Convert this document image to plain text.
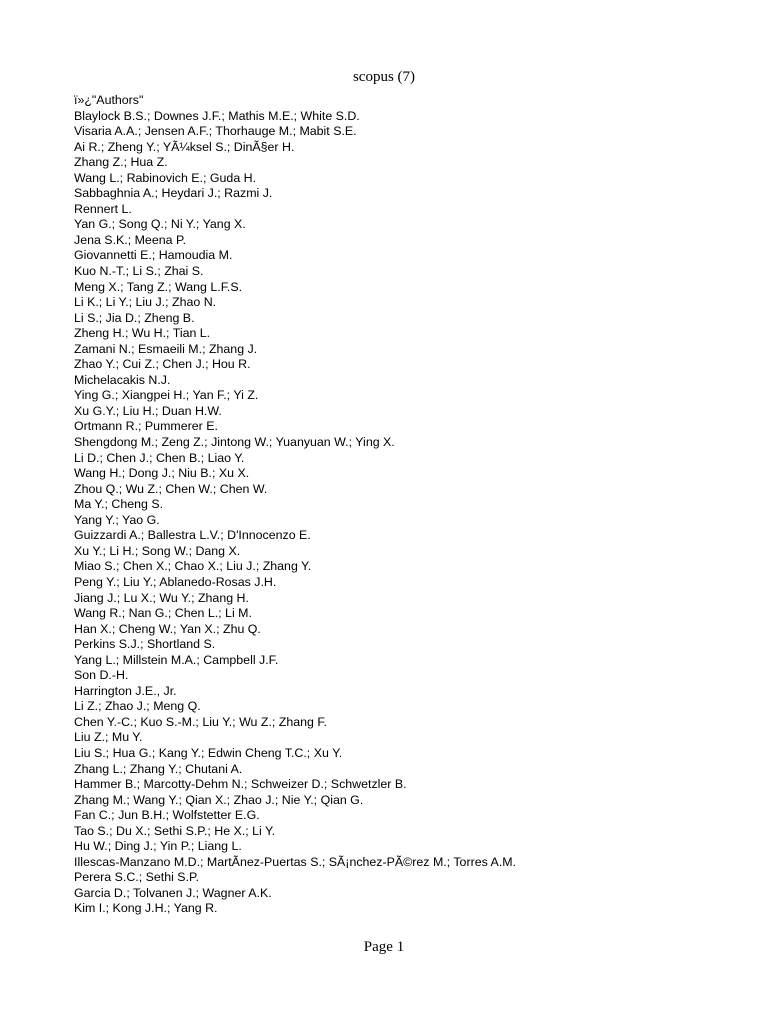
scopus (7)
ï»¿"Authors"
Blaylock B.S.; Downes J.F.; Mathis M.E.; White S.D.
Visaria A.A.; Jensen A.F.; Thorhauge M.; Mabit S.E.
Ai R.; Zheng Y.; YÃ¼ksel S.; DinÃ§er H.
Zhang Z.; Hua Z.
Wang L.; Rabinovich E.; Guda H.
Sabbaghnia A.; Heydari J.; Razmi J.
Rennert L.
Yan G.; Song Q.; Ni Y.; Yang X.
Jena S.K.; Meena P.
Giovannetti E.; Hamoudia M.
Kuo N.-T.; Li S.; Zhai S.
Meng X.; Tang Z.; Wang L.F.S.
Li K.; Li Y.; Liu J.; Zhao N.
Li S.; Jia D.; Zheng B.
Zheng H.; Wu H.; Tian L.
Zamani N.; Esmaeili M.; Zhang J.
Zhao Y.; Cui Z.; Chen J.; Hou R.
Michelacakis N.J.
Ying G.; Xiangpei H.; Yan F.; Yi Z.
Xu G.Y.; Liu H.; Duan H.W.
Ortmann R.; Pummerer E.
Shengdong M.; Zeng Z.; Jintong W.; Yuanyuan W.; Ying X.
Li D.; Chen J.; Chen B.; Liao Y.
Wang H.; Dong J.; Niu B.; Xu X.
Zhou Q.; Wu Z.; Chen W.; Chen W.
Ma Y.; Cheng S.
Yang Y.; Yao G.
Guizzardi A.; Ballestra L.V.; D'Innocenzo E.
Xu Y.; Li H.; Song W.; Dang X.
Miao S.; Chen X.; Chao X.; Liu J.; Zhang Y.
Peng Y.; Liu Y.; Ablanedo-Rosas J.H.
Jiang J.; Lu X.; Wu Y.; Zhang H.
Wang R.; Nan G.; Chen L.; Li M.
Han X.; Cheng W.; Yan X.; Zhu Q.
Perkins S.J.; Shortland S.
Yang L.; Millstein M.A.; Campbell J.F.
Son D.-H.
Harrington J.E., Jr.
Li Z.; Zhao J.; Meng Q.
Chen Y.-C.; Kuo S.-M.; Liu Y.; Wu Z.; Zhang F.
Liu Z.; Mu Y.
Liu S.; Hua G.; Kang Y.; Edwin Cheng T.C.; Xu Y.
Zhang L.; Zhang Y.; Chutani A.
Hammer B.; Marcotty-Dehm N.; Schweizer D.; Schwetzler B.
Zhang M.; Wang Y.; Qian X.; Zhao J.; Nie Y.; Qian G.
Fan C.; Jun B.H.; Wolfstetter E.G.
Tao S.; Du X.; Sethi S.P.; He X.; Li Y.
Hu W.; Ding J.; Yin P.; Liang L.
Illescas-Manzano M.D.; MartÃnez-Puertas S.; SÃ¡nchez-PÃ©rez M.; Torres A.M.
Perera S.C.; Sethi S.P.
Garcia D.; Tolvanen J.; Wagner A.K.
Kim I.; Kong J.H.; Yang R.
Page 1
